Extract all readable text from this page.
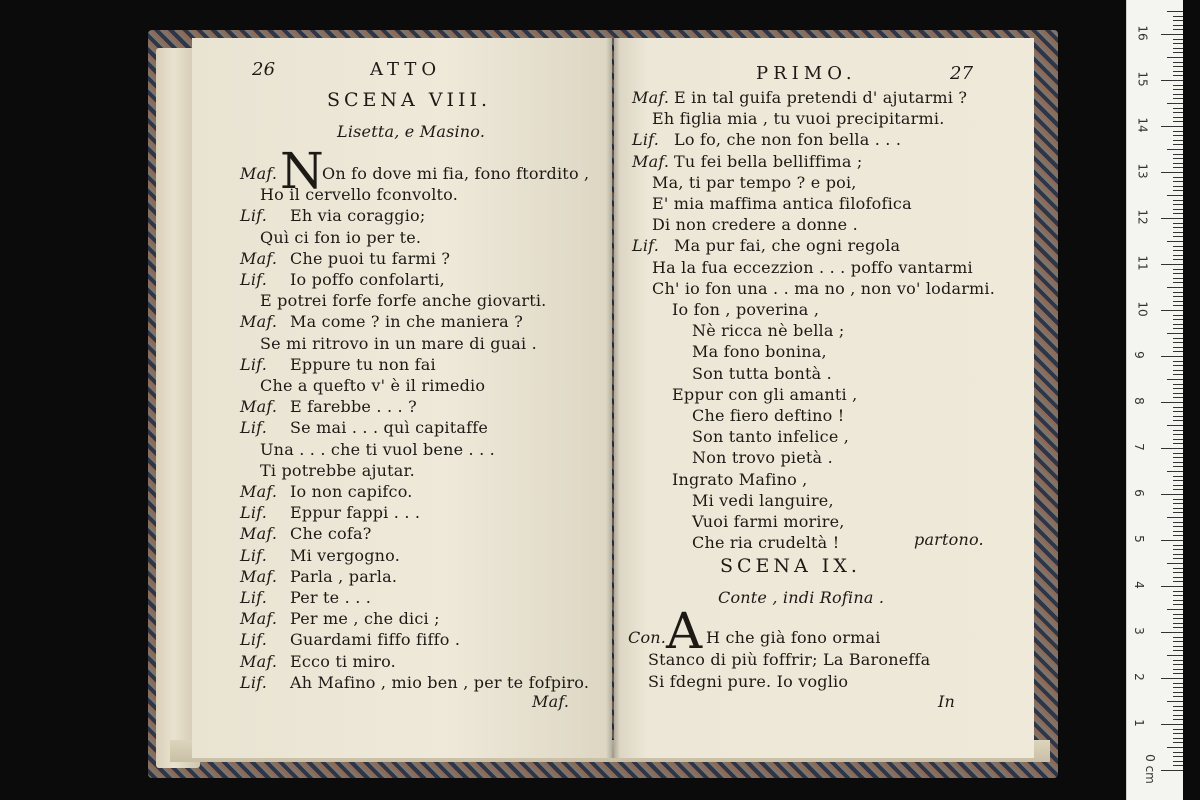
26	ATTO
SCENA VIII.
Lisetta, e Masino.
N
Maf.	On fo dove mi fia, fono ftordito ,
Ho il cervello fconvolto.
Lif. Eh via coraggio;
Quì ci fon io per te.
Maf. Che puoi tu farmi ?
Lif. Io poffo confolarti,
E potrei forfe forfe anche giovarti.
Maf. Ma come ? in che maniera ?
Se mi ritrovo in un mare di guai .
Lif. Eppure tu non fai
Che a quefto v' è il rimedio
Maf. E farebbe . . . ?
Lif. Se mai . . . quì capitaffe
Una . . . che ti vuol bene . . .
Ti potrebbe ajutar.
Maf. Io non capifco.
Lif. Eppur fappi . . .
Maf. Che cofa?
Lif. Mi vergogno.
Maf. Parla , parla.
Lif. Per te . . .
Maf. Per me , che dici ;
Lif. Guardami fiffo fiffo .
Maf. Ecco ti miro.
Lif. Ah Mafino , mio ben , per te fofpiro.
Maf.
PRIMO.	27
Maf. E in tal guifa pretendi d' ajutarmi ?
Eh figlia mia , tu vuoi precipitarmi.
Lif. Lo fo, che non fon bella . . .
Maf. Tu fei bella belliffima ;
Ma, ti par tempo ? e poi,
E' mia maffima antica filofofica
Di non credere a donne .
Lif. Ma pur fai, che ogni regola
Ha la fua eccezzion . . . poffo vantarmi
Ch' io fon una . . ma no , non vo' lodarmi.
Io fon , poverina ,
Nè ricca nè bella ;
Ma fono bonina,
Son tutta bontà .
Eppur con gli amanti ,
Che fiero deftino !
Son tanto infelice ,
Non trovo pietà .
Ingrato Mafino ,
Mi vedi languire,
Vuoi farmi morire,
Che ria crudeltà !	partono.
SCENA IX.
Conte , indi Rofina .
A
Con. H che già fono ormai
Stanco di più foffrir; La Baroneffa
Si fdegni pure. Io voglio
In
0 cm
1
2
3
4
5
6
7
8
9
10
11
12
13
14
15
16
